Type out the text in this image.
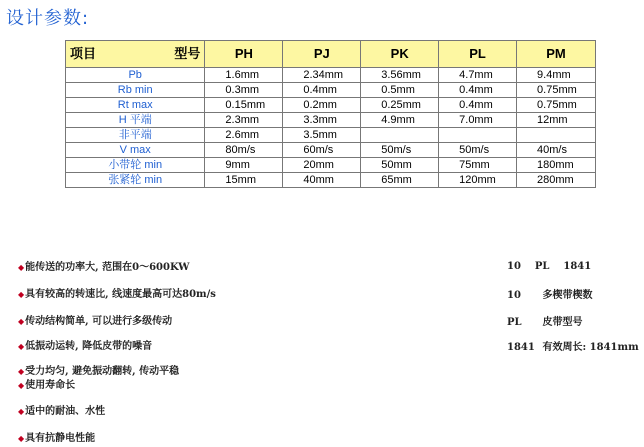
设计参数:
项目 型号	PH	PJ	PK	PL	PM
Pb	1.6mm	2.34mm	3.56mm	4.7mm	9.4mm
Rb min	0.3mm	0.4mm	0.5mm	0.4mm	0.75mm
Rt max	0.15mm	0.2mm	0.25mm	0.4mm	0.75mm
H 平端	2.3mm	3.3mm	4.9mm	7.0mm	12mm
非平端	2.6mm	3.5mm			
V max	80m/s	60m/s	50m/s	50m/s	40m/s
小带轮 min	9mm	20mm	50mm	75mm	180mm
张紧轮 min	15mm	40mm	65mm	120mm	280mm
◆能传送的功率大, 范围在0～600KW
◆具有较高的转速比, 线速度最高可达80m/s
◆传动结构简单, 可以进行多级传动
◆低振动运转, 降低皮带的噪音
◆受力均匀, 避免振动翻转, 传动平稳
◆使用寿命长
◆适中的耐油、水性
◆具有抗静电性能
10 PL 1841
10 多楔带楔数
PL 皮带型号
1841 有效周长: 1841mm
